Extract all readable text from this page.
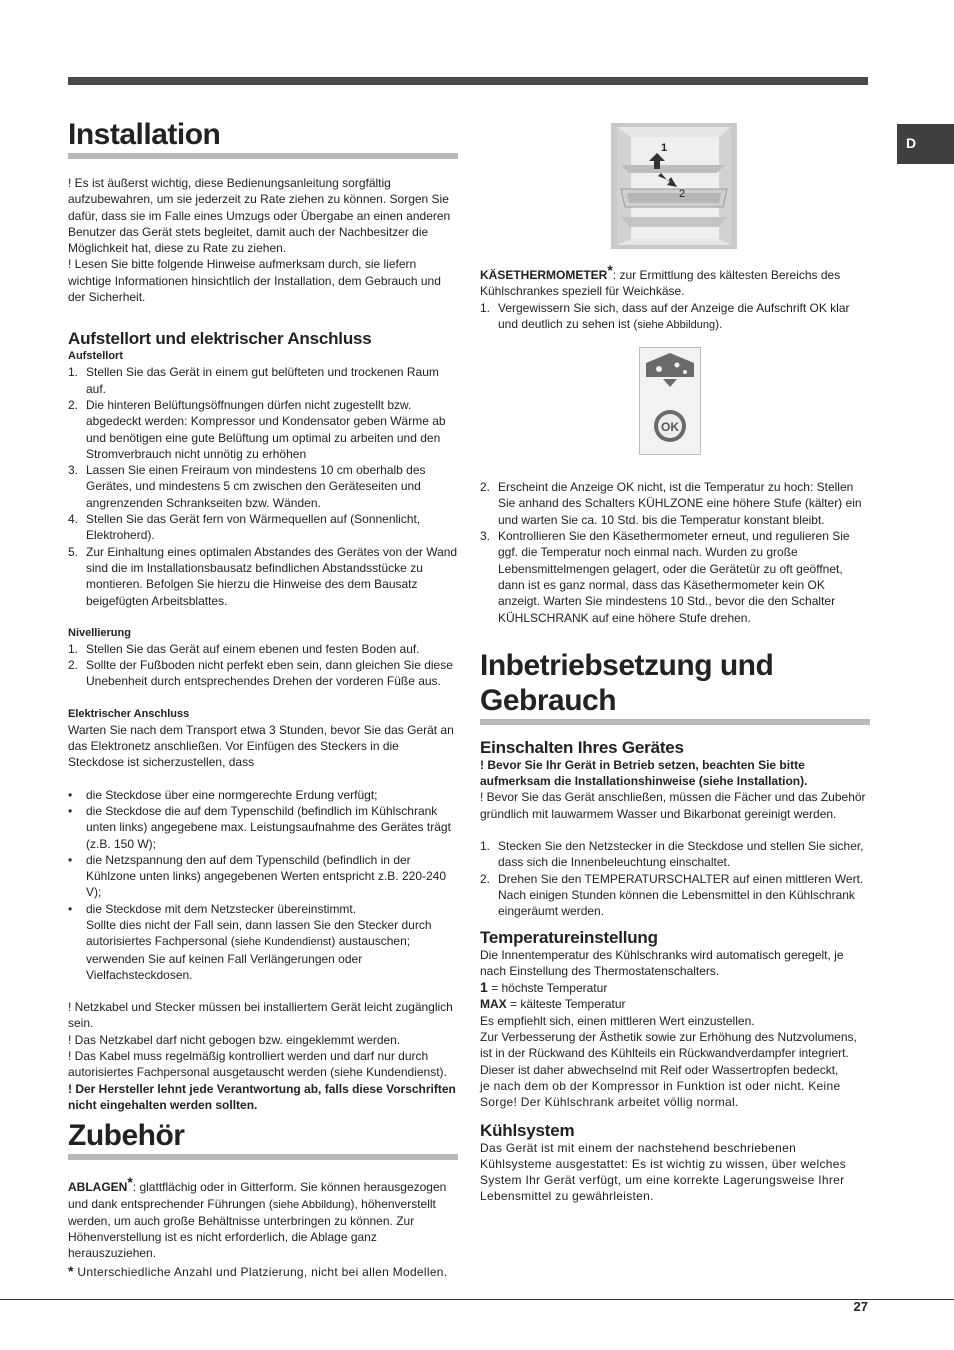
D
Installation

! Es ist äußerst wichtig, diese Bedienungsanleitung sorgfältig aufzubewahren, um sie jederzeit zu Rate ziehen zu können. Sorgen Sie dafür, dass sie im Falle eines Umzugs oder Übergabe an einen anderen Benutzer das Gerät stets begleitet, damit auch der Nachbesitzer die Möglichkeit hat, diese zu Rate zu ziehen.

! Lesen Sie bitte folgende Hinweise aufmerksam durch, sie liefern wichtige Informationen hinsichtlich der Installation, dem Gebrauch und der Sicherheit.

Aufstellort und elektrischer Anschluss
Aufstellort
1. Stellen Sie das Gerät in einem gut belüfteten und trockenen Raum auf.
2. Die hinteren Belüftungsöffnungen dürfen nicht zugestellt bzw. abgedeckt werden: Kompressor und Kondensator geben Wärme ab und benötigen eine gute Belüftung um optimal zu arbeiten und den Stromverbrauch nicht unnötig zu erhöhen
3. Lassen Sie einen Freiraum von mindestens 10 cm oberhalb des Gerätes, und mindestens 5 cm zwischen den Geräteseiten und angrenzenden Schrankseiten bzw. Wänden.
4. Stellen Sie das Gerät fern von Wärmequellen auf (Sonnenlicht, Elektroherd).
5. Zur Einhaltung eines optimalen Abstandes des Gerätes von der Wand sind die im Installationsbausatz befindlichen Abstandsstücke zu montieren. Befolgen Sie hierzu die Hinweise des dem Bausatz beigefügten Arbeitsblattes.
Nivellierung
1. Stellen Sie das Gerät auf einem ebenen und festen Boden auf.
2. Sollte der Fußboden nicht perfekt eben sein, dann gleichen Sie diese Unebenheit durch entsprechendes Drehen der vorderen Füße aus.
Elektrischer Anschluss

Warten Sie nach dem Transport etwa 3 Stunden, bevor Sie das Gerät an das Elektronetz anschließen. Vor Einfügen des Steckers in die Steckdose ist sicherzustellen, dass

• die Steckdose über eine normgerechte Erdung verfügt;
• die Steckdose die auf dem Typenschild (befindlich im Kühlschrank unten links) angegebene max. Leistungsaufnahme des Gerätes trägt (z.B. 150 W);
• die Netzspannung den auf dem Typenschild (befindlich in der Kühlzone unten links) angegebenen Werten entspricht z.B. 220-240 V);
• die Steckdose mit dem Netzstecker übereinstimmt.
Sollte dies nicht der Fall sein, dann lassen Sie den Stecker durch autorisiertes Fachpersonal (siehe Kundendienst) austauschen; verwenden Sie auf keinen Fall Verlängerungen oder Vielfachsteckdosen.

! Netzkabel und Stecker müssen bei installiertem Gerät leicht zugänglich sein.

! Das Netzkabel darf nicht gebogen bzw. eingeklemmt werden.

! Das Kabel muss regelmäßig kontrolliert werden und darf nur durch autorisiertes Fachpersonal ausgetauscht werden (siehe Kundendienst).

! Der Hersteller lehnt jede Verantwortung ab, falls diese Vorschriften nicht eingehalten werden sollten.

Zubehör

ABLAGEN*: glattflächig oder in Gitterform. Sie können herausgezogen und dank entsprechender Führungen (siehe Abbildung), höhenverstellt werden, um auch große Behältnisse unterbringen zu können. Zur Höhenverstellung ist es nicht erforderlich, die Ablage ganz herauszuziehen.

* Unterschiedliche Anzahl und Platzierung, nicht bei allen Modellen.

1
2
OK

KÄSETHERMOMETER*: zur Ermittlung des kältesten Bereichs des Kühlschrankes speziell für Weichkäse.

1. Vergewissern Sie sich, dass auf der Anzeige die Aufschrift OK klar und deutlich zu sehen ist (siehe Abbildung).
2. Erscheint die Anzeige OK nicht, ist die Temperatur zu hoch: Stellen Sie anhand des Schalters KÜHLZONE eine höhere Stufe (kälter) ein und warten Sie ca. 10 Std. bis die Temperatur konstant bleibt.
3. Kontrollieren Sie den Käsethermometer erneut, und regulieren Sie ggf. die Temperatur noch einmal nach. Wurden zu große Lebensmittelmengen gelagert, oder die Gerätetür zu oft geöffnet, dann ist es ganz normal, dass das Käsethermometer kein OK anzeigt. Warten Sie mindestens 10 Std., bevor die den Schalter KÜHLSCHRANK auf eine höhere Stufe drehen.
Inbetriebsetzung und Gebrauch
Einschalten Ihres Gerätes

! Bevor Sie Ihr Gerät in Betrieb setzen, beachten Sie bitte aufmerksam die Installationshinweise (siehe Installation).

! Bevor Sie das Gerät anschließen, müssen die Fächer und das Zubehör gründlich mit lauwarmem Wasser und Bikarbonat gereinigt werden.

1. Stecken Sie den Netzstecker in die Steckdose und stellen Sie sicher, dass sich die Innenbeleuchtung einschaltet.
2. Drehen Sie den TEMPERATURSCHALTER auf einen mittleren Wert. Nach einigen Stunden können die Lebensmittel in den Kühlschrank eingeräumt werden.
Temperatureinstellung

Die Innentemperatur des Kühlschranks wird automatisch geregelt, je nach Einstellung des Thermostatenschalters.

1 = höchste Temperatur

MAX = kälteste Temperatur

Es empfiehlt sich, einen mittleren Wert einzustellen.

Zur Verbesserung der Ästhetik sowie zur Erhöhung des Nutzvolumens, ist in der Rückwand des Kühlteils ein Rückwandverdampfer integriert. Dieser ist daher abwechselnd mit Reif oder Wassertropfen bedeckt,

je nach dem ob der Kompressor in Funktion ist oder nicht. Keine Sorge! Der Kühlschrank arbeitet völlig normal.

Kühlsystem

Das Gerät ist mit einem der nachstehend beschriebenen Kühlsysteme ausgestattet: Es ist wichtig zu wissen, über welches System Ihr Gerät verfügt, um eine korrekte Lagerungsweise Ihrer Lebensmittel zu gewährleisten.

27
